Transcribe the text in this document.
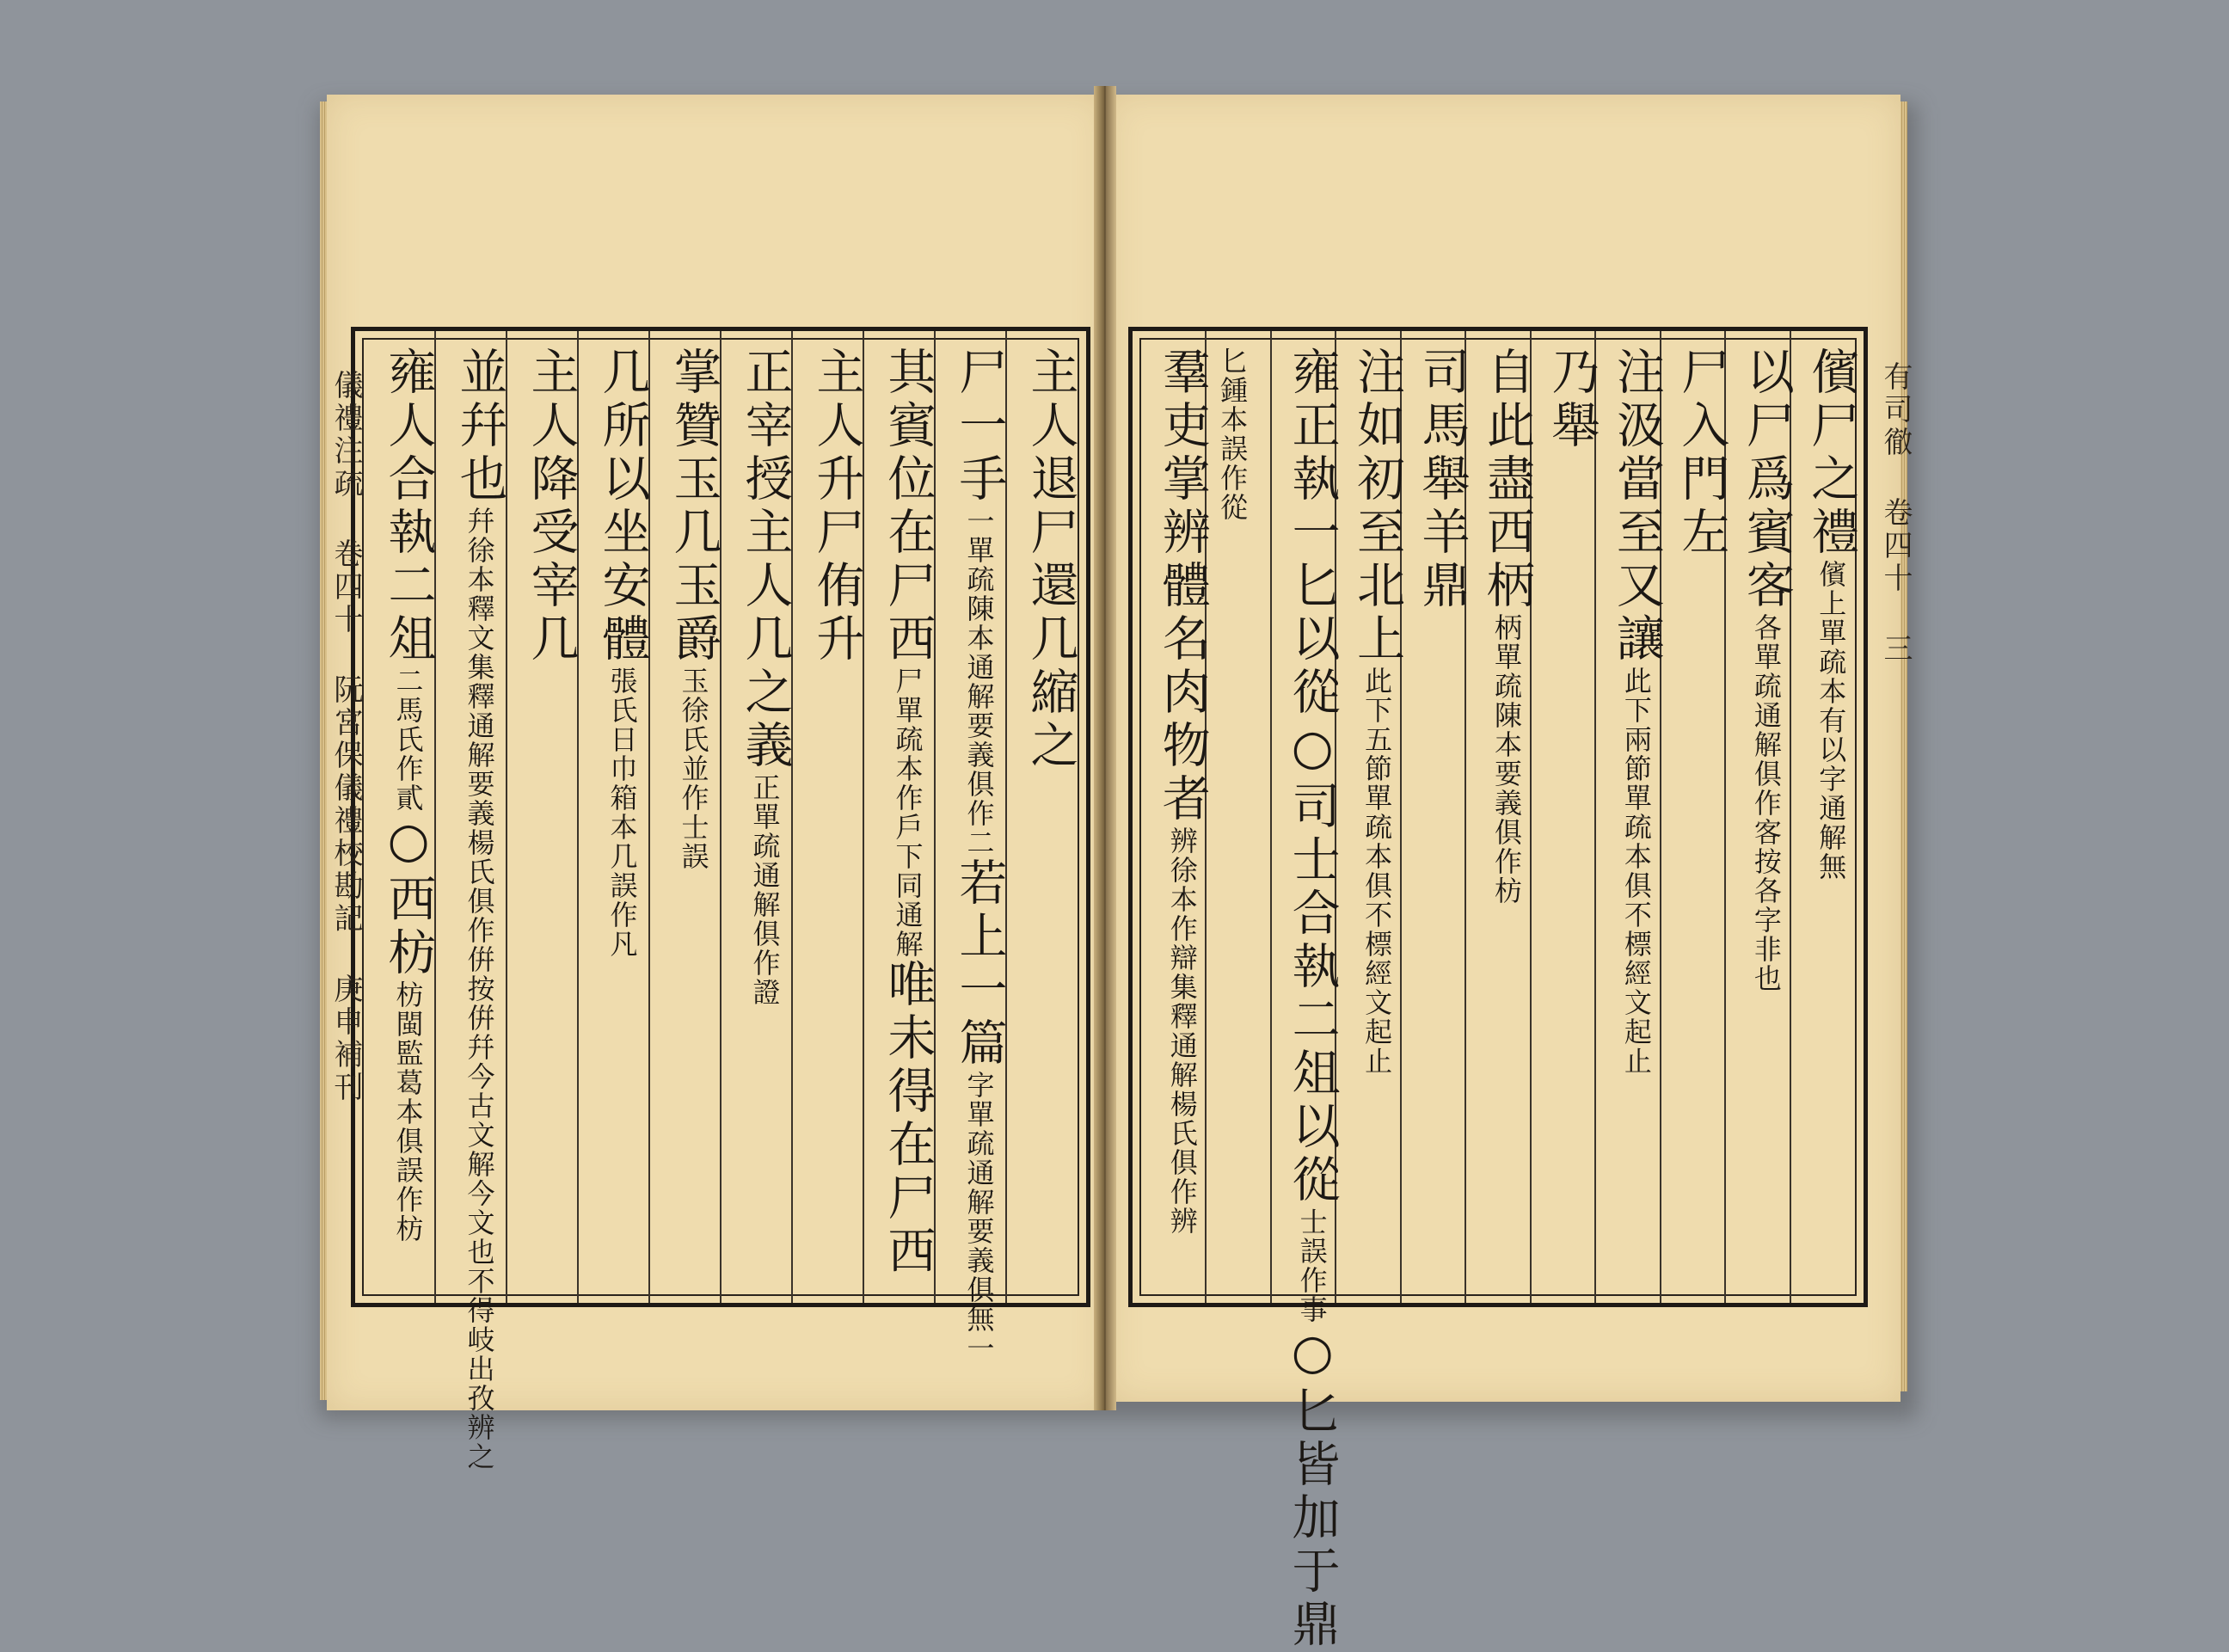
主人退尸還几縮之
尸一手一單疏陳本通解要義俱作二若上一篇字單疏通解要義俱無一
其賓位在尸西尸單疏本作戶下同通解唯未得在尸西
主人升尸侑升
正宰授主人几之義正單疏通解俱作證
掌贊玉几玉爵玉徐氏並作士誤
几所以坐安體張氏日巾箱本几誤作凡
主人降受宰几
並幷也幷徐本釋文集釋通解要義楊氏俱作倂按倂幷今古文解今文也不得岐出孜辨之
雍人合執二俎二馬氏作貳○西枋枋閩監葛本俱誤作枋
儀禮注疏 卷四十 阮宮保儀禮校勘記 庚申補刊
儐尸之禮儐上單疏本有以字通解無
以尸爲賓客各單疏通解俱作客按各字非也
尸入門左
注汲當至又讓此下兩節單疏本俱不標經文起止
乃舉
自此盡西柄柄單疏陳本要義俱作枋
司馬舉羊鼎
注如初至北上此下五節單疏本俱不標經文起止
雍正執一匕以從○司士合執二俎以從士誤作事○匕皆加于鼎
匕鍾本誤作從
羣吏掌辨體名肉物者辨徐本作辯集釋通解楊氏俱作辨
有司徹 卷四十 三
